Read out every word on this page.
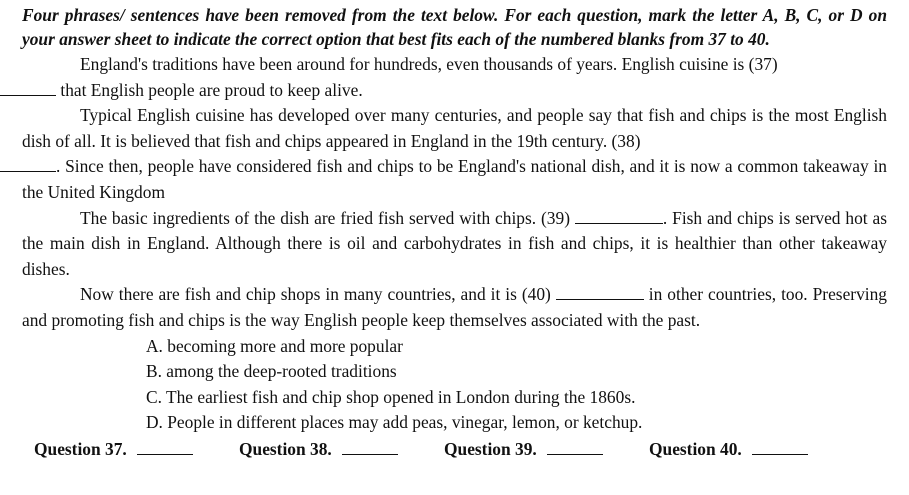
Four phrases/ sentences have been removed from the text below. For each question, mark the letter A, B, C, or D on your answer sheet to indicate the correct option that best fits each of the numbered blanks from 37 to 40.

England's traditions have been around for hundreds, even thousands of years. English cuisine is (37)
that English people are proud to keep alive.

Typical English cuisine has developed over many centuries, and people say that fish and chips is the most English dish of all. It is believed that fish and chips appeared in England in the 19th century. (38)
. Since then, people have considered fish and chips to be England's national dish, and it is now a common takeaway in the United Kingdom

The basic ingredients of the dish are fried fish served with chips. (39)	. Fish and chips is served hot as the main dish in England. Although there is oil and carbohydrates in fish and chips, it is healthier than other takeaway dishes.

Now there are fish and chip shops in many countries, and it is (40)	in other countries, too. Preserving and promoting fish and chips is the way English people keep themselves associated with the past.

A. becoming more and more popular
B. among the deep-rooted traditions
C. The earliest fish and chip shop opened in London during the 1860s.
D. People in different places may add peas, vinegar, lemon, or ketchup.
Question 37.	Question 38.	Question 39.	Question 40.
